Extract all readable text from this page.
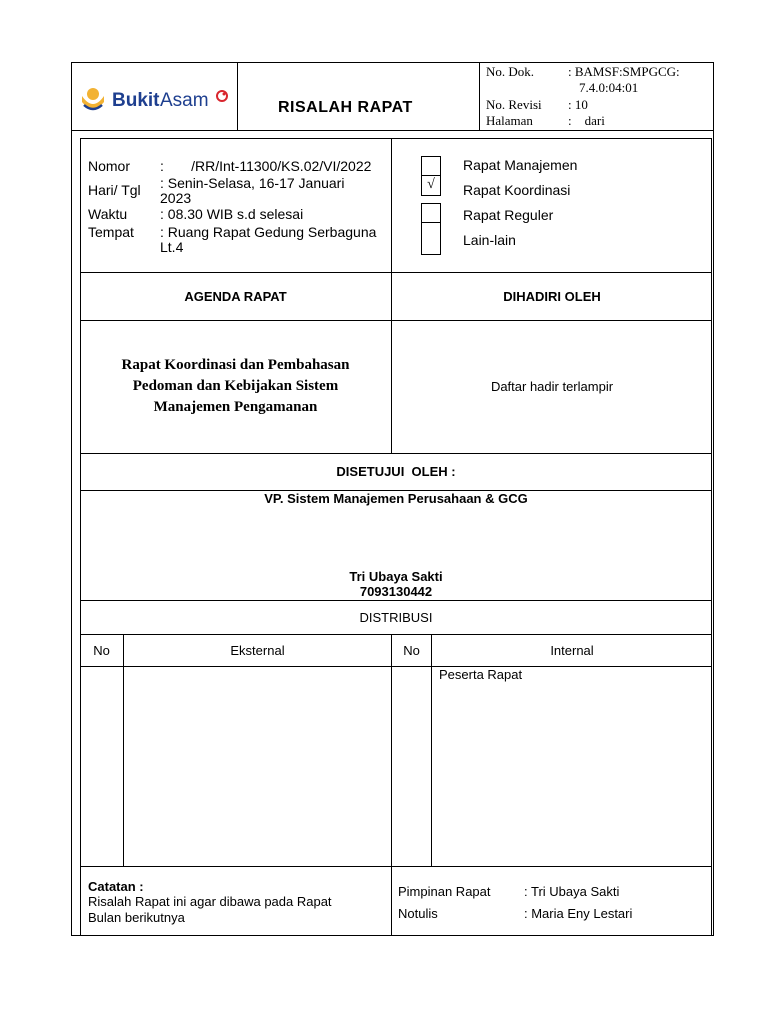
Bukit Asam	RISALAH RAPAT
No. Dok.	: BAMSF:SMPGCG:
7.4.0:04:01
No. Revisi : 10
Halaman	:    dari
Nomor :       /RR/Int-11300/KS.02/VI/2022
Hari/ Tgl : Senin-Selasa, 16-17 Januari
2023
Waktu : 08.30 WIB s.d selesai
Tempat : Ruang Rapat Gedung Serbaguna
Lt.4
√
Rapat Manajemen
Rapat Koordinasi
Rapat Reguler
Lain-lain
AGENDA RAPAT	DIHADIRI OLEH
Rapat Koordinasi dan Pembahasan
Pedoman dan Kebijakan Sistem
Manajemen Pengamanan
Daftar hadir terlampir
DISETUJUI  OLEH :
VP. Sistem Manajemen Perusahaan & GCG
Tri Ubaya Sakti
7093130442
DISTRIBUSI
No	Eksternal	No	Internal
Peserta Rapat
Catatan :
Risalah Rapat ini agar dibawa pada Rapat
Bulan berikutnya
Pimpinan Rapat	: Tri Ubaya Sakti
Notulis	: Maria Eny Lestari
